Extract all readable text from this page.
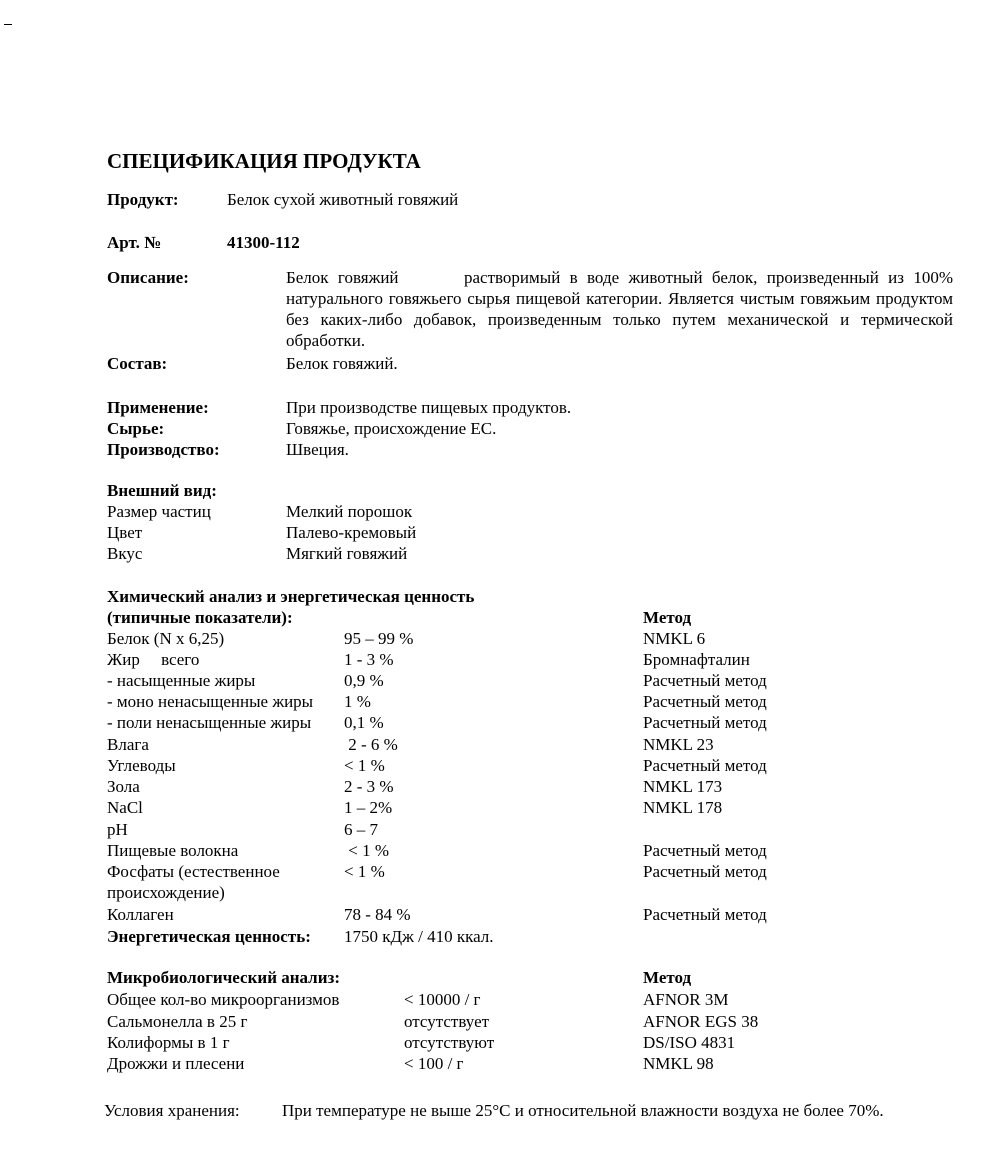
СПЕЦИФИКАЦИЯ ПРОДУКТА
Продукт:	Белок сухой животный говяжий
Арт. №	41300-112
Описание:	Белок говяжий       растворимый в воде животный белок, произведенный из 100% натурального говяжьего сырья пищевой категории. Является чистым говяжьим продуктом без каких-либо добавок, произведенным только путем механической и термической обработки.
Состав:	Белок говяжий.
Применение:	При производстве пищевых продуктов.
Сырье:	Говяжье, происхождение ЕС.
Производство:	Швеция.
Внешний вид:
Размер частиц	Мелкий порошок
Цвет	Палево-кремовый
Вкус	Мягкий говяжий
Химический анализ и энергетическая ценность
(типичные показатели):	Метод
Белок (N x 6,25)	95 – 99 %	NMKL 6
Жир     всего	1 - 3 %	Бромнафталин
- насыщенные жиры	0,9 %	Расчетный метод
- моно ненасыщенные жиры 1 %	Расчетный метод
- поли ненасыщенные жиры 0,1 %	Расчетный метод
Влага	2 - 6 %	NMKL 23
Углеводы	< 1 %	Расчетный метод
Зола	2 - 3 %	NMKL 173
NaCl	1 – 2%	NMKL 178
pH	6 – 7
Пищевые волокна	< 1 %	Расчетный метод
Фосфаты (естественное	< 1 %	Расчетный метод
происхождение)
Коллаген	78 - 84 %	Расчетный метод
Энергетическая ценность: 1750 кДж / 410 ккал.
Микробиологический анализ:	Метод
Общее кол-во микроорганизмов	< 10000 / г	AFNOR 3M
Сальмонелла в 25 г	отсутствует	AFNOR EGS 38
Колиформы в 1 г	отсутствуют	DS/ISO 4831
Дрожжи и плесени	< 100 / г	NMKL 98
Условия хранения: При температуре не выше 25°C и относительной влажности воздуха не более 70%.
